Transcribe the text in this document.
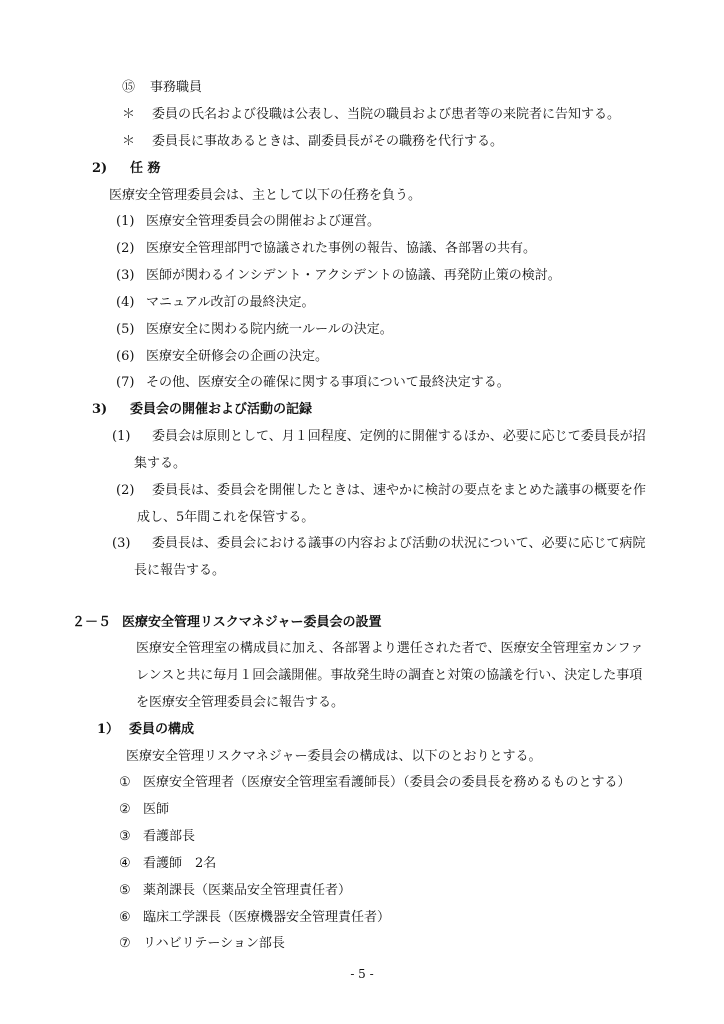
⑮ 事務職員
＊ 委員の氏名および役職は公表し、当院の職員および患者等の来院者に告知する。
＊ 委員長に事故あるときは、副委員長がその職務を代行する。
2) 任 務
医療安全管理委員会は、主として以下の任務を負う。
(1) 医療安全管理委員会の開催および運営。
(2) 医療安全管理部門で協議された事例の報告、協議、各部署の共有。
(3) 医師が関わるインシデント・アクシデントの協議、再発防止策の検討。
(4) マニュアル改訂の最終決定。
(5) 医療安全に関わる院内統一ルールの決定。
(6) 医療安全研修会の企画の決定。
(7) その他、医療安全の確保に関する事項について最終決定する。
3) 委員会の開催および活動の記録
(1) 委員会は原則として、月１回程度、定例的に開催するほか、必要に応じて委員長が招
集する。
(2) 委員長は、委員会を開催したときは、速やかに検討の要点をまとめた議事の概要を作
成し、5年間これを保管する。
(3) 委員長は、委員会における議事の内容および活動の状況について、必要に応じて病院
長に報告する。
２－５ 医療安全管理リスクマネジャー委員会の設置
医療安全管理室の構成員に加え、各部署より選任された者で、医療安全管理室カンファ
レンスと共に毎月１回会議開催。事故発生時の調査と対策の協議を行い、決定した事項
を医療安全管理委員会に報告する。
1） 委員の構成
医療安全管理リスクマネジャー委員会の構成は、以下のとおりとする。
① 医療安全管理者（医療安全管理室看護師長）（委員会の委員長を務めるものとする）
② 医師
③ 看護部長
④ 看護師　2名
⑤ 薬剤課長（医薬品安全管理責任者）
⑥ 臨床工学課長（医療機器安全管理責任者）
⑦ リハビリテーション部長
- 5 -
